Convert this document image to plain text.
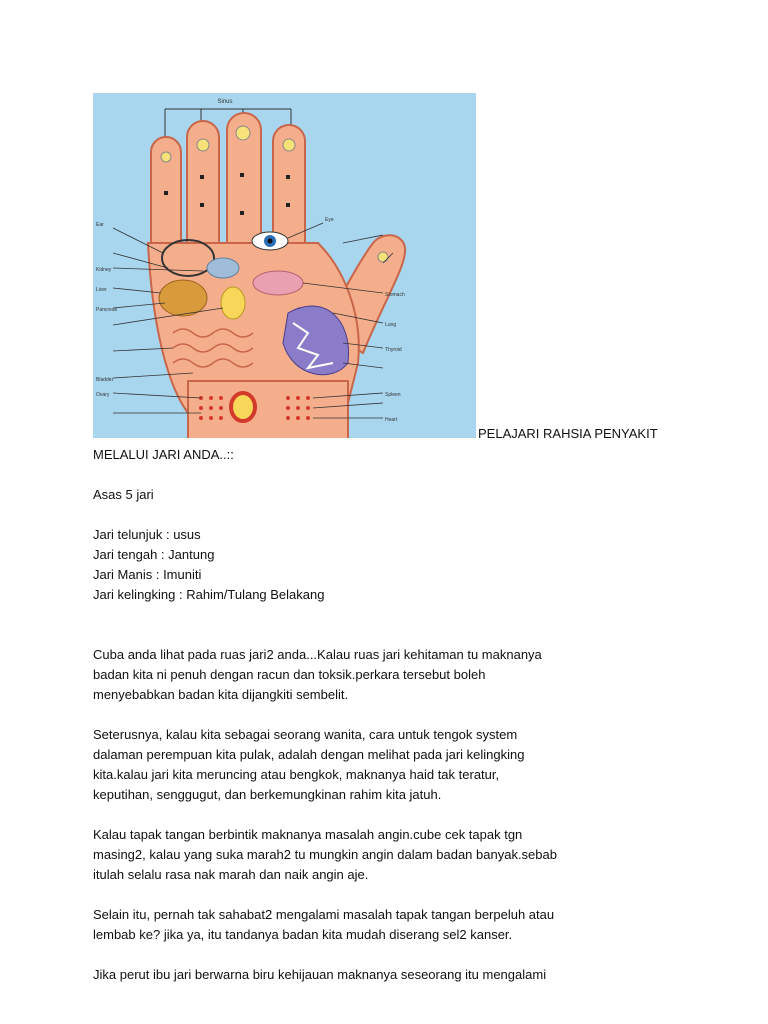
Sinus
Ear
Kidney
Liver
Pancreas
Bladder
Ovary
Eye
Stomach
Lung
Thyroid
Spleen
Heart
PELAJARI RAHSIA PENYAKIT
MELALUI JARI ANDA..::
Asas 5 jari
Jari telunjuk : usus
Jari tengah : Jantung
Jari Manis : Imuniti
Jari kelingking : Rahim/Tulang Belakang
Cuba anda lihat pada ruas jari2 anda...Kalau ruas jari kehitaman tu maknanya
badan kita ni penuh dengan racun dan toksik.perkara tersebut boleh
menyebabkan badan kita dijangkiti sembelit.
Seterusnya, kalau kita sebagai seorang wanita, cara untuk tengok system
dalaman perempuan kita pulak, adalah dengan melihat pada jari kelingking
kita.kalau jari kita meruncing atau bengkok, maknanya haid tak teratur,
keputihan, senggugut, dan berkemungkinan rahim kita jatuh.
Kalau tapak tangan berbintik maknanya masalah angin.cube cek tapak tgn
masing2, kalau yang suka marah2 tu mungkin angin dalam badan banyak.sebab
itulah selalu rasa nak marah dan naik angin aje.
Selain itu, pernah tak sahabat2 mengalami masalah tapak tangan berpeluh atau
lembab ke? jika ya, itu tandanya badan kita mudah diserang sel2 kanser.
Jika perut ibu jari berwarna biru kehijauan maknanya seseorang itu mengalami
